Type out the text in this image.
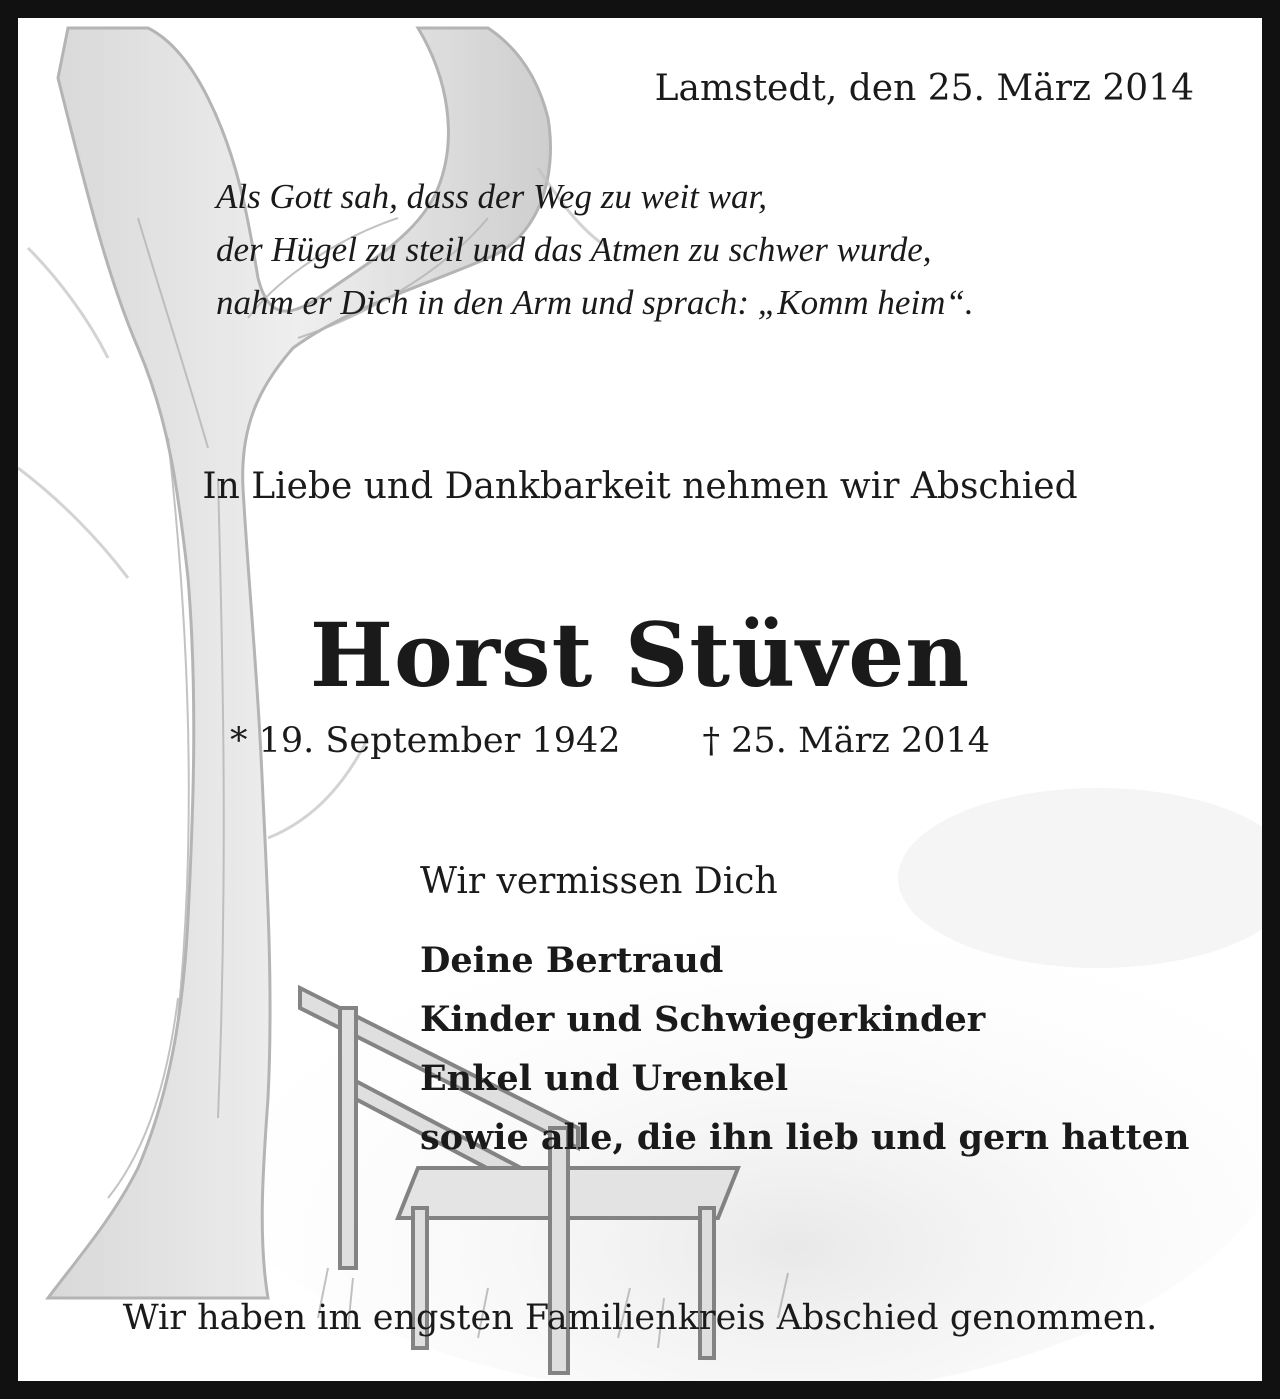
Lamstedt, den 25. März 2014

Als Gott sah, dass der Weg zu weit war,
der Hügel zu steil und das Atmen zu schwer wurde,
nahm er Dich in den Arm und sprach: „Komm heim“.

In Liebe und Dankbarkeit nehmen wir Abschied

Horst Stüven

* 19. September 1942 † 25. März 2014

Wir vermissen Dich

Deine Bertraud
Kinder und Schwiegerkinder
Enkel und Urenkel
sowie alle, die ihn lieb und gern hatten

Wir haben im engsten Familienkreis Abschied genommen.
